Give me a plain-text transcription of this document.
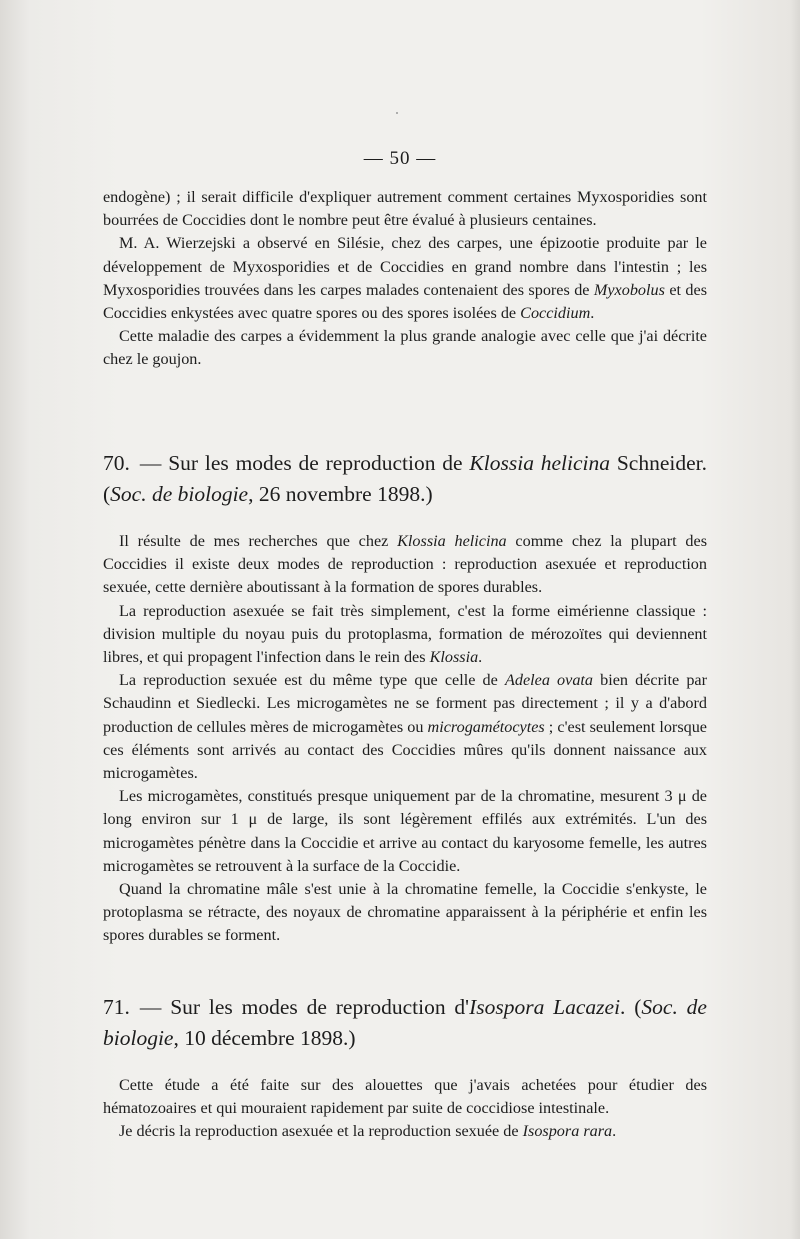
— 50 —

endogène) ; il serait difficile d'expliquer autrement comment certaines Myxosporidies sont bourrées de Coccidies dont le nombre peut être évalué à plusieurs centaines.

M. A. Wierzejski a observé en Silésie, chez des carpes, une épizootie produite par le développement de Myxosporidies et de Coccidies en grand nombre dans l'intestin ; les Myxosporidies trouvées dans les carpes malades contenaient des spores de Myxobolus et des Coccidies enkystées avec quatre spores ou des spores isolées de Coccidium.

Cette maladie des carpes a évidemment la plus grande analogie avec celle que j'ai décrite chez le goujon.

70. — Sur les modes de reproduction de Klossia helicina Schneider. (Soc. de biologie, 26 novembre 1898.)

Il résulte de mes recherches que chez Klossia helicina comme chez la plupart des Coccidies il existe deux modes de reproduction : reproduction asexuée et reproduction sexuée, cette dernière aboutissant à la formation de spores durables.

La reproduction asexuée se fait très simplement, c'est la forme eimérienne classique : division multiple du noyau puis du protoplasma, formation de mérozoïtes qui deviennent libres, et qui propagent l'infection dans le rein des Klossia.

La reproduction sexuée est du même type que celle de Adelea ovata bien décrite par Schaudinn et Siedlecki. Les microgamètes ne se forment pas directement ; il y a d'abord production de cellules mères de microgamètes ou microgamétocytes ; c'est seulement lorsque ces éléments sont arrivés au contact des Coccidies mûres qu'ils donnent naissance aux microgamètes.

Les microgamètes, constitués presque uniquement par de la chromatine, mesurent 3 μ de long environ sur 1 μ de large, ils sont légèrement effilés aux extrémités. L'un des microgamètes pénètre dans la Coccidie et arrive au contact du karyosome femelle, les autres microgamètes se retrouvent à la surface de la Coccidie.

Quand la chromatine mâle s'est unie à la chromatine femelle, la Coccidie s'enkyste, le protoplasma se rétracte, des noyaux de chromatine apparaissent à la périphérie et enfin les spores durables se forment.

71. — Sur les modes de reproduction d'Isospora Lacazei. (Soc. de biologie, 10 décembre 1898.)

Cette étude a été faite sur des alouettes que j'avais achetées pour étudier des hématozoaires et qui mouraient rapidement par suite de coccidiose intestinale.

Je décris la reproduction asexuée et la reproduction sexuée de Isospora rara.
